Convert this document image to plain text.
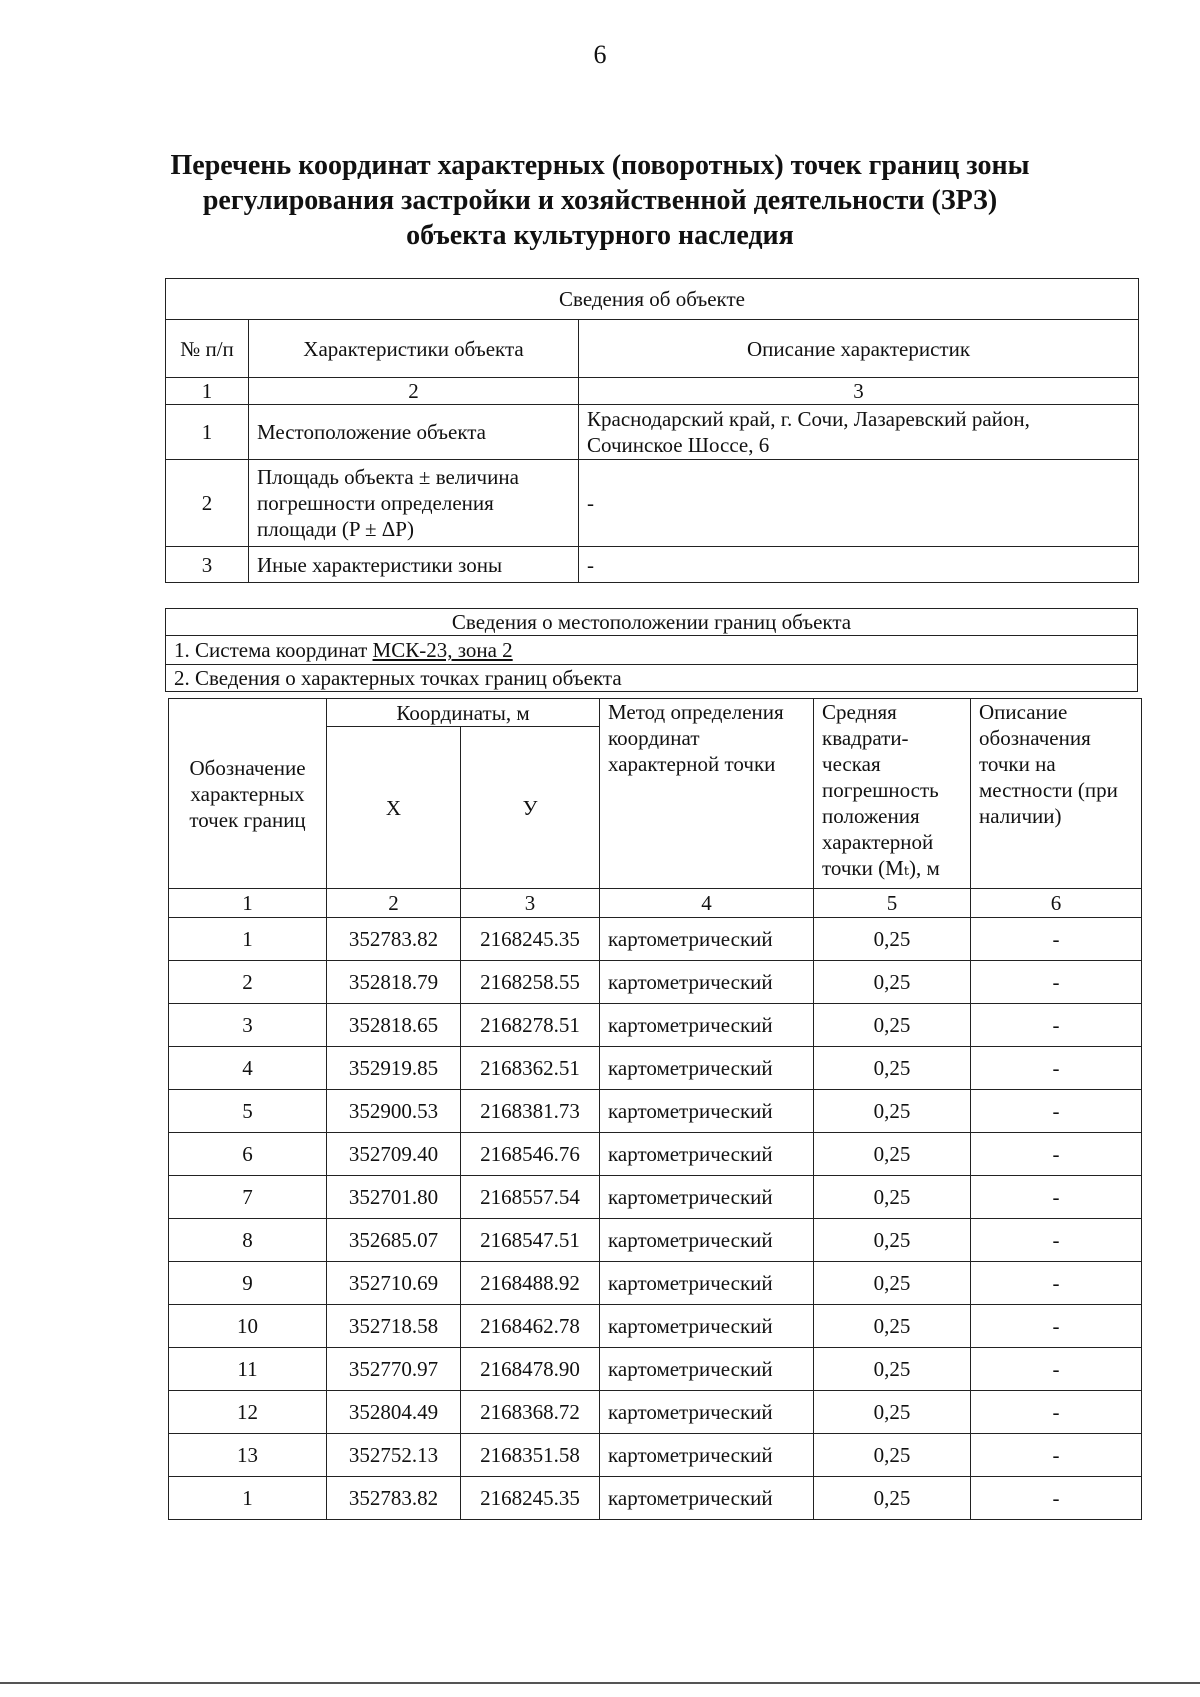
6
Перечень координат характерных (поворотных) точек границ зоны
регулирования застройки и хозяйственной деятельности (ЗРЗ)
объекта культурного наследия
Сведения об объекте		
№ п/п	Характеристики объекта	Описание характеристик
1	2	3
1	Местоположение объекта	Краснодарский край, г. Сочи, Лазаревский район, Сочинское Шоссе, 6
2	Площадь объекта ± величина погрешности определения площади (P ± ΔP)	-
3	Иные характеристики зоны	-
Сведения о местоположении границ объекта
1. Система координат МСК-23, зона 2
2. Сведения о характерных точках границ объекта
Обозначение характерных точек границ	Координаты, м		Метод определения координат характерной точки	Средняя квадрати-ческая погрешность положения характерной точки (Mₜ), м	Описание обозначения точки на местности (при наличии)
	X	У			
1	2	3	4	5	6
1	352783.82	2168245.35	картометрический	0,25	-
2	352818.79	2168258.55	картометрический	0,25	-
3	352818.65	2168278.51	картометрический	0,25	-
4	352919.85	2168362.51	картометрический	0,25	-
5	352900.53	2168381.73	картометрический	0,25	-
6	352709.40	2168546.76	картометрический	0,25	-
7	352701.80	2168557.54	картометрический	0,25	-
8	352685.07	2168547.51	картометрический	0,25	-
9	352710.69	2168488.92	картометрический	0,25	-
10	352718.58	2168462.78	картометрический	0,25	-
11	352770.97	2168478.90	картометрический	0,25	-
12	352804.49	2168368.72	картометрический	0,25	-
13	352752.13	2168351.58	картометрический	0,25	-
1	352783.82	2168245.35	картометрический	0,25	-
